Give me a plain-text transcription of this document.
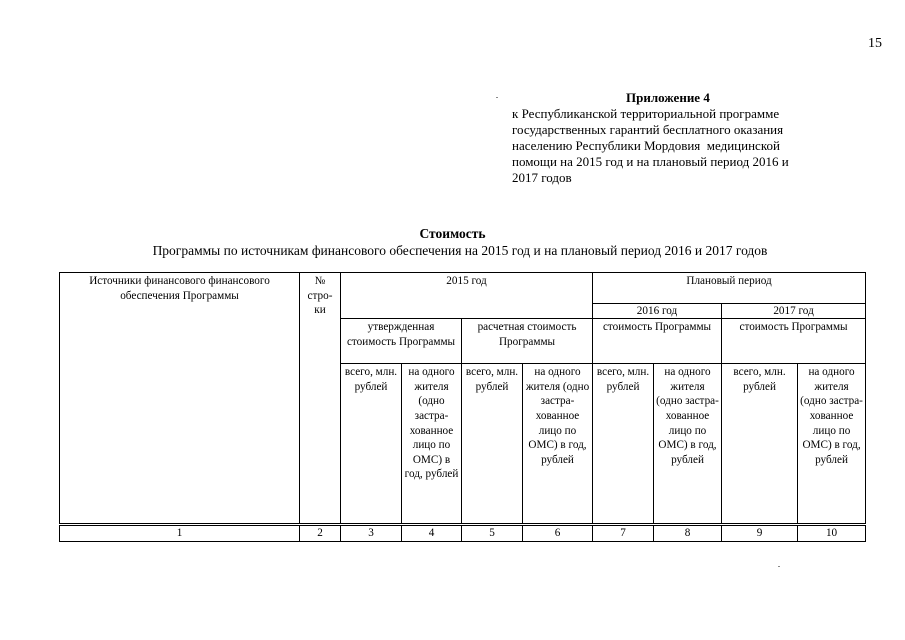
15
Приложение 4
к Республиканской территориальной программе
государственных гарантий бесплатного оказания
населению Республики Мордовия  медицинской
помощи на 2015 год и на плановый период 2016 и
2017 годов
Стоимость
Программы по источникам финансового обеспечения на 2015 год и на плановый период 2016 и 2017 годов
Источники финансового финансового обеспечения Программы	№ стро-ки	2015 год				Плановый период			
						2016 год		2017 год	
		утвержденная стоимость Программы		расчетная стоимость Программы		стоимость Программы		стоимость Программы	
		всего, млн. рублей	на одного жителя (одно застра-хованное лицо по ОМС) в год, рублей	всего, млн. рублей	на одного жителя (одно застра-хованное лицо по ОМС) в год, рублей	всего, млн. рублей	на одного жителя (одно застра-хованное лицо по ОМС) в год, рублей	всего, млн. рублей	на одного жителя (одно застра-хованное лицо по ОМС) в год, рублей
1	2	3	4	5	6	7	8	9	10
